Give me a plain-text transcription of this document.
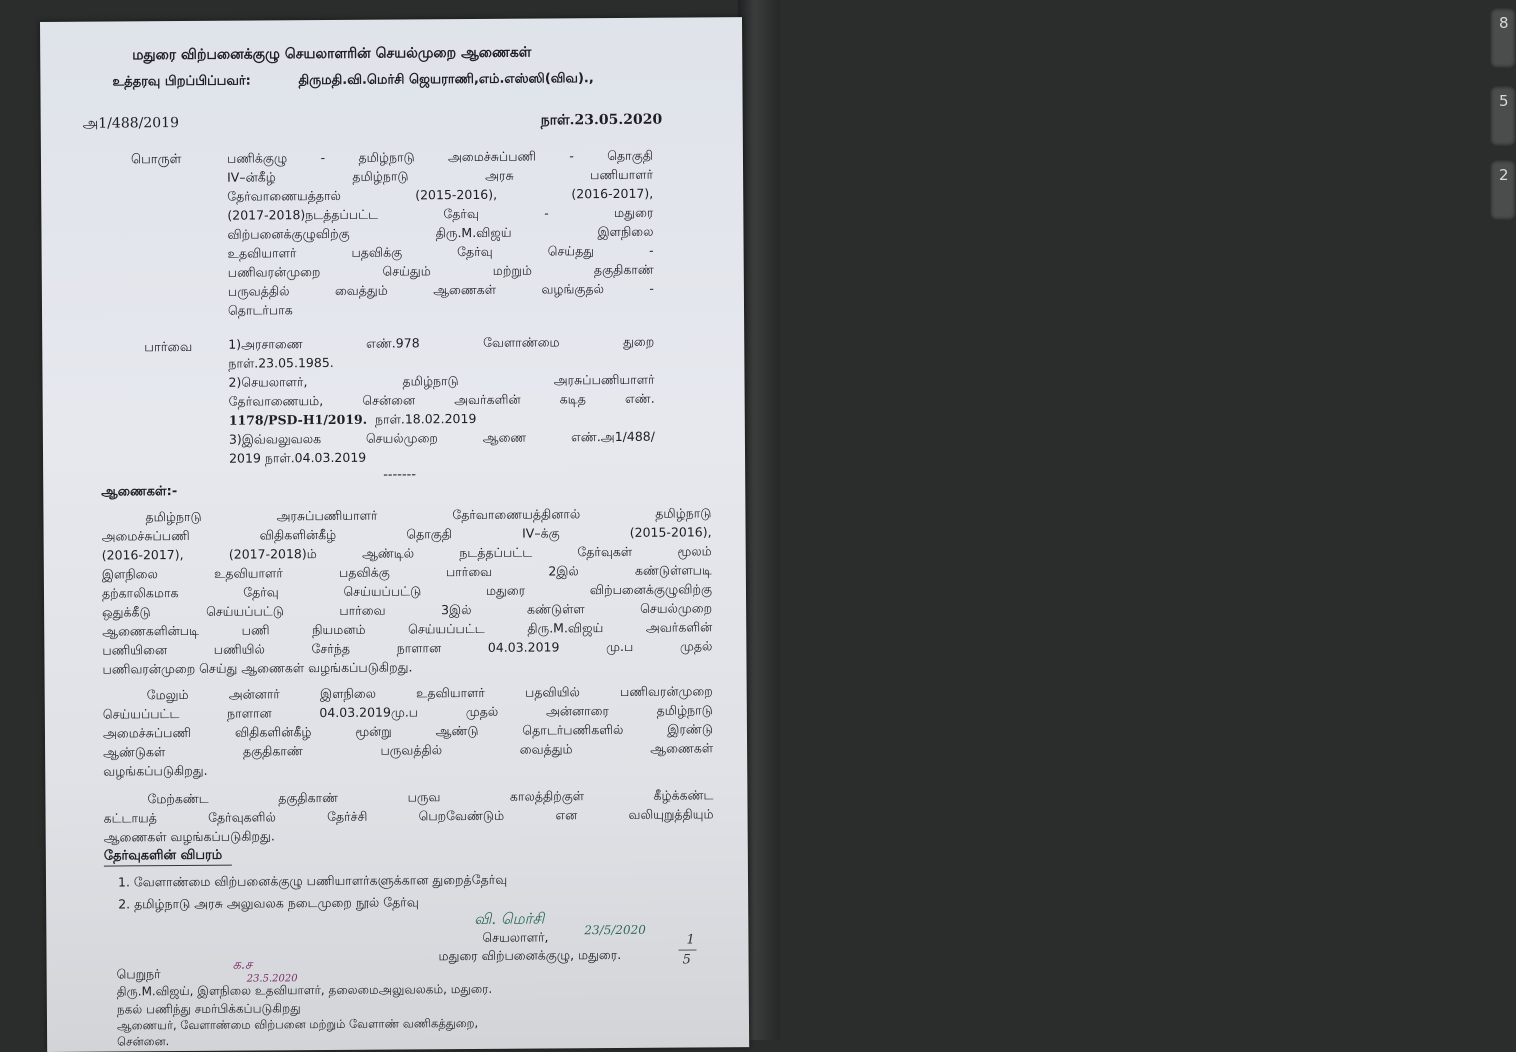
8
5
2
மதுரை விற்பனைக்குழு செயலாளரின் செயல்முறை ஆணைகள்
உத்தரவு பிறப்பிப்பவர்:	திருமதி.வி.மெர்சி ஜெயராணி,எம்.எஸ்ஸி(விவ).,
அ1/488/2019	நாள்.23.05.2020
பொருள்	பணிக்குழு - தமிழ்நாடு அமைச்சுப்பணி - தொகுதி
IV–ன்கீழ் தமிழ்நாடு அரசு பணியாளர்
தேர்வாணையத்தால் (2015-2016), (2016-2017),
(2017-2018)நடத்தப்பட்ட தேர்வு - மதுரை
விற்பனைக்குழுவிற்கு திரு.M.விஜய் இளநிலை
உதவியாளர் பதவிக்கு தேர்வு செய்தது -
பணிவரன்முறை செய்தும் மற்றும் தகுதிகாண்
பருவத்தில் வைத்தும் ஆணைகள் வழங்குதல் -
தொடர்பாக
பார்வை	1)அரசாணை எண்.978 வேளாண்மை துறை
நாள்.23.05.1985.
2)செயலாளர், தமிழ்நாடு அரசுப்பணியாளர்
தேர்வாணையம், சென்னை அவர்களின் கடித எண்.
1178/PSD-H1/2019. நாள்.18.02.2019
3)இவ்வலுவலக செயல்முறை ஆணை எண்.அ1/488/
2019 நாள்.04.03.2019
-------
ஆணைகள்:-
தமிழ்நாடு அரசுப்பணியாளர் தேர்வாணையத்தினால் தமிழ்நாடு
அமைச்சுப்பணி விதிகளின்கீழ் தொகுதி IV–க்கு (2015-2016),
(2016-2017), (2017-2018)ம் ஆண்டில் நடத்தப்பட்ட தேர்வுகள் மூலம்
இளநிலை உதவியாளர் பதவிக்கு பார்வை 2இல் கண்டுள்ளபடி
தற்காலிகமாக தேர்வு செய்யப்பட்டு மதுரை விற்பனைக்குழுவிற்கு
ஒதுக்கீடு செய்யப்பட்டு பார்வை 3இல் கண்டுள்ள செயல்முறை
ஆணைகளின்படி பணி நியமனம் செய்யப்பட்ட திரு.M.விஜய் அவர்களின்
பணியினை பணியில் சேர்ந்த நாளான 04.03.2019 மு.ப முதல்
பணிவரன்முறை செய்து ஆணைகள் வழங்கப்படுகிறது.
மேலும் அன்னார் இளநிலை உதவியாளர் பதவியில் பணிவரன்முறை
செய்யப்பட்ட நாளான 04.03.2019மு.ப முதல் அன்னாரை தமிழ்நாடு
அமைச்சுப்பணி விதிகளின்கீழ் மூன்று ஆண்டு தொடர்பணிகளில் இரண்டு
ஆண்டுகள் தகுதிகாண் பருவத்தில் வைத்தும் ஆணைகள்
வழங்கப்படுகிறது.
மேற்கண்ட தகுதிகாண் பருவ காலத்திற்குள் கீழ்க்கண்ட
கட்டாயத் தேர்வுகளில் தேர்ச்சி பெறவேண்டும் என வலியுறுத்தியும்
ஆணைகள் வழங்கப்படுகிறது.
தேர்வுகளின் விபரம்
1. வேளாண்மை விற்பனைக்குழு பணியாளர்களுக்கான துறைத்தேர்வு
2. தமிழ்நாடு அரசு அலுவலக நடைமுறை நூல் தேர்வு
வி. மெர்சி
23/5/2020
செயலாளர்,
மதுரை விற்பனைக்குழு, மதுரை.
1
5
பெறுநர்
க.ச
23.5.2020
திரு.M.விஜய், இளநிலை உதவியாளர், தலைமைஅலுவலகம், மதுரை.
நகல் பணிந்து சமர்பிக்கப்படுகிறது
ஆணையர், வேளாண்மை விற்பனை மற்றும் வேளாண் வணிகத்துறை,
சென்னை.
